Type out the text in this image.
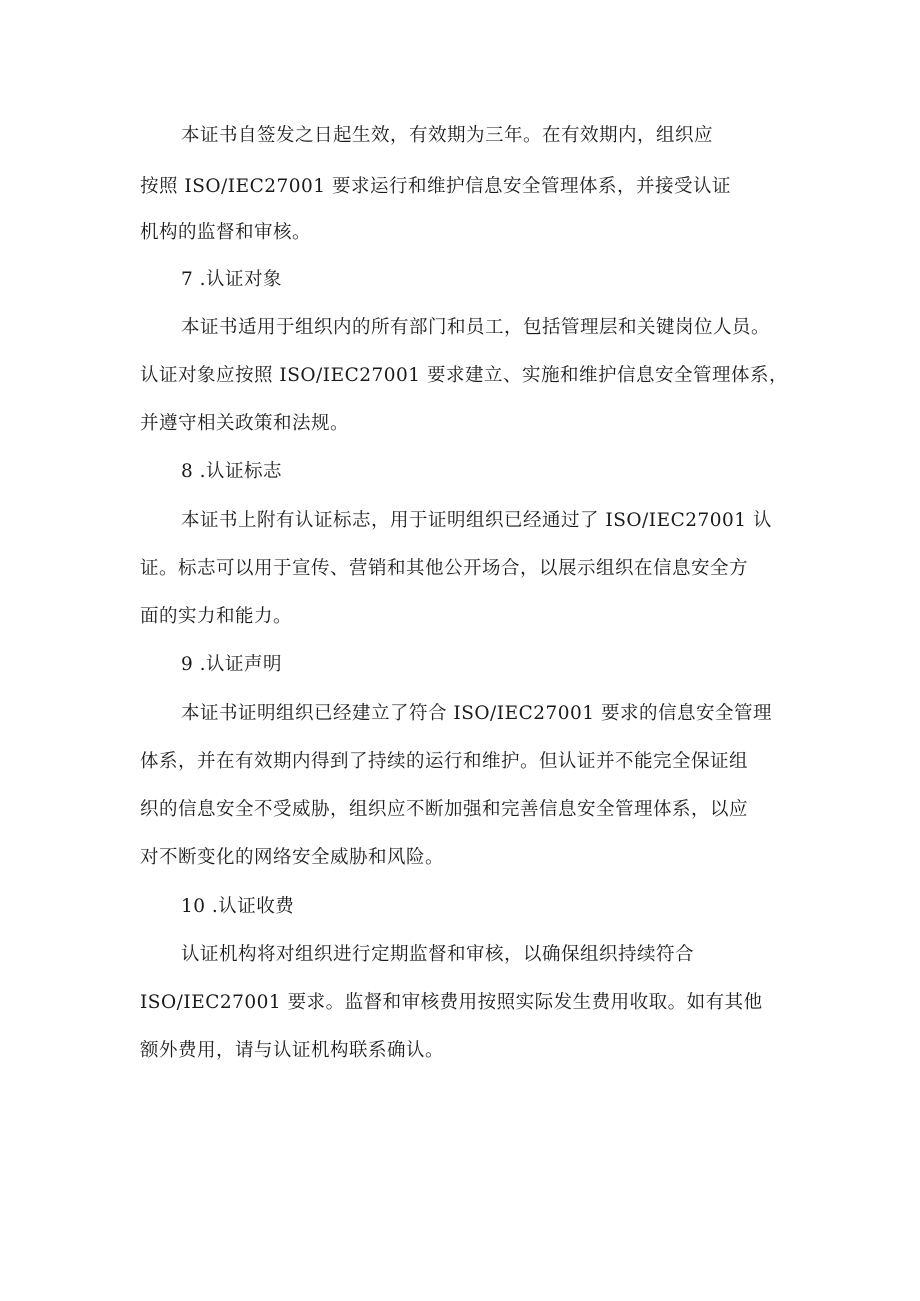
本证书自签发之日起生效，有效期为三年。在有效期内，组织应
按照 ISO/IEC27001 要求运行和维护信息安全管理体系，并接受认证
机构的监督和审核。
7 .认证对象
本证书适用于组织内的所有部门和员工，包括管理层和关键岗位人员。
认证对象应按照 ISO/IEC27001 要求建立、实施和维护信息安全管理体系，
并遵守相关政策和法规。
8 .认证标志
本证书上附有认证标志，用于证明组织已经通过了 ISO/IEC27001 认
证。标志可以用于宣传、营销和其他公开场合，以展示组织在信息安全方
面的实力和能力。
9 .认证声明
本证书证明组织已经建立了符合 ISO/IEC27001 要求的信息安全管理
体系，并在有效期内得到了持续的运行和维护。但认证并不能完全保证组
织的信息安全不受威胁，组织应不断加强和完善信息安全管理体系，以应
对不断变化的网络安全威胁和风险。
10 .认证收费
认证机构将对组织进行定期监督和审核，以确保组织持续符合
ISO/IEC27001 要求。监督和审核费用按照实际发生费用收取。如有其他
额外费用，请与认证机构联系确认。
